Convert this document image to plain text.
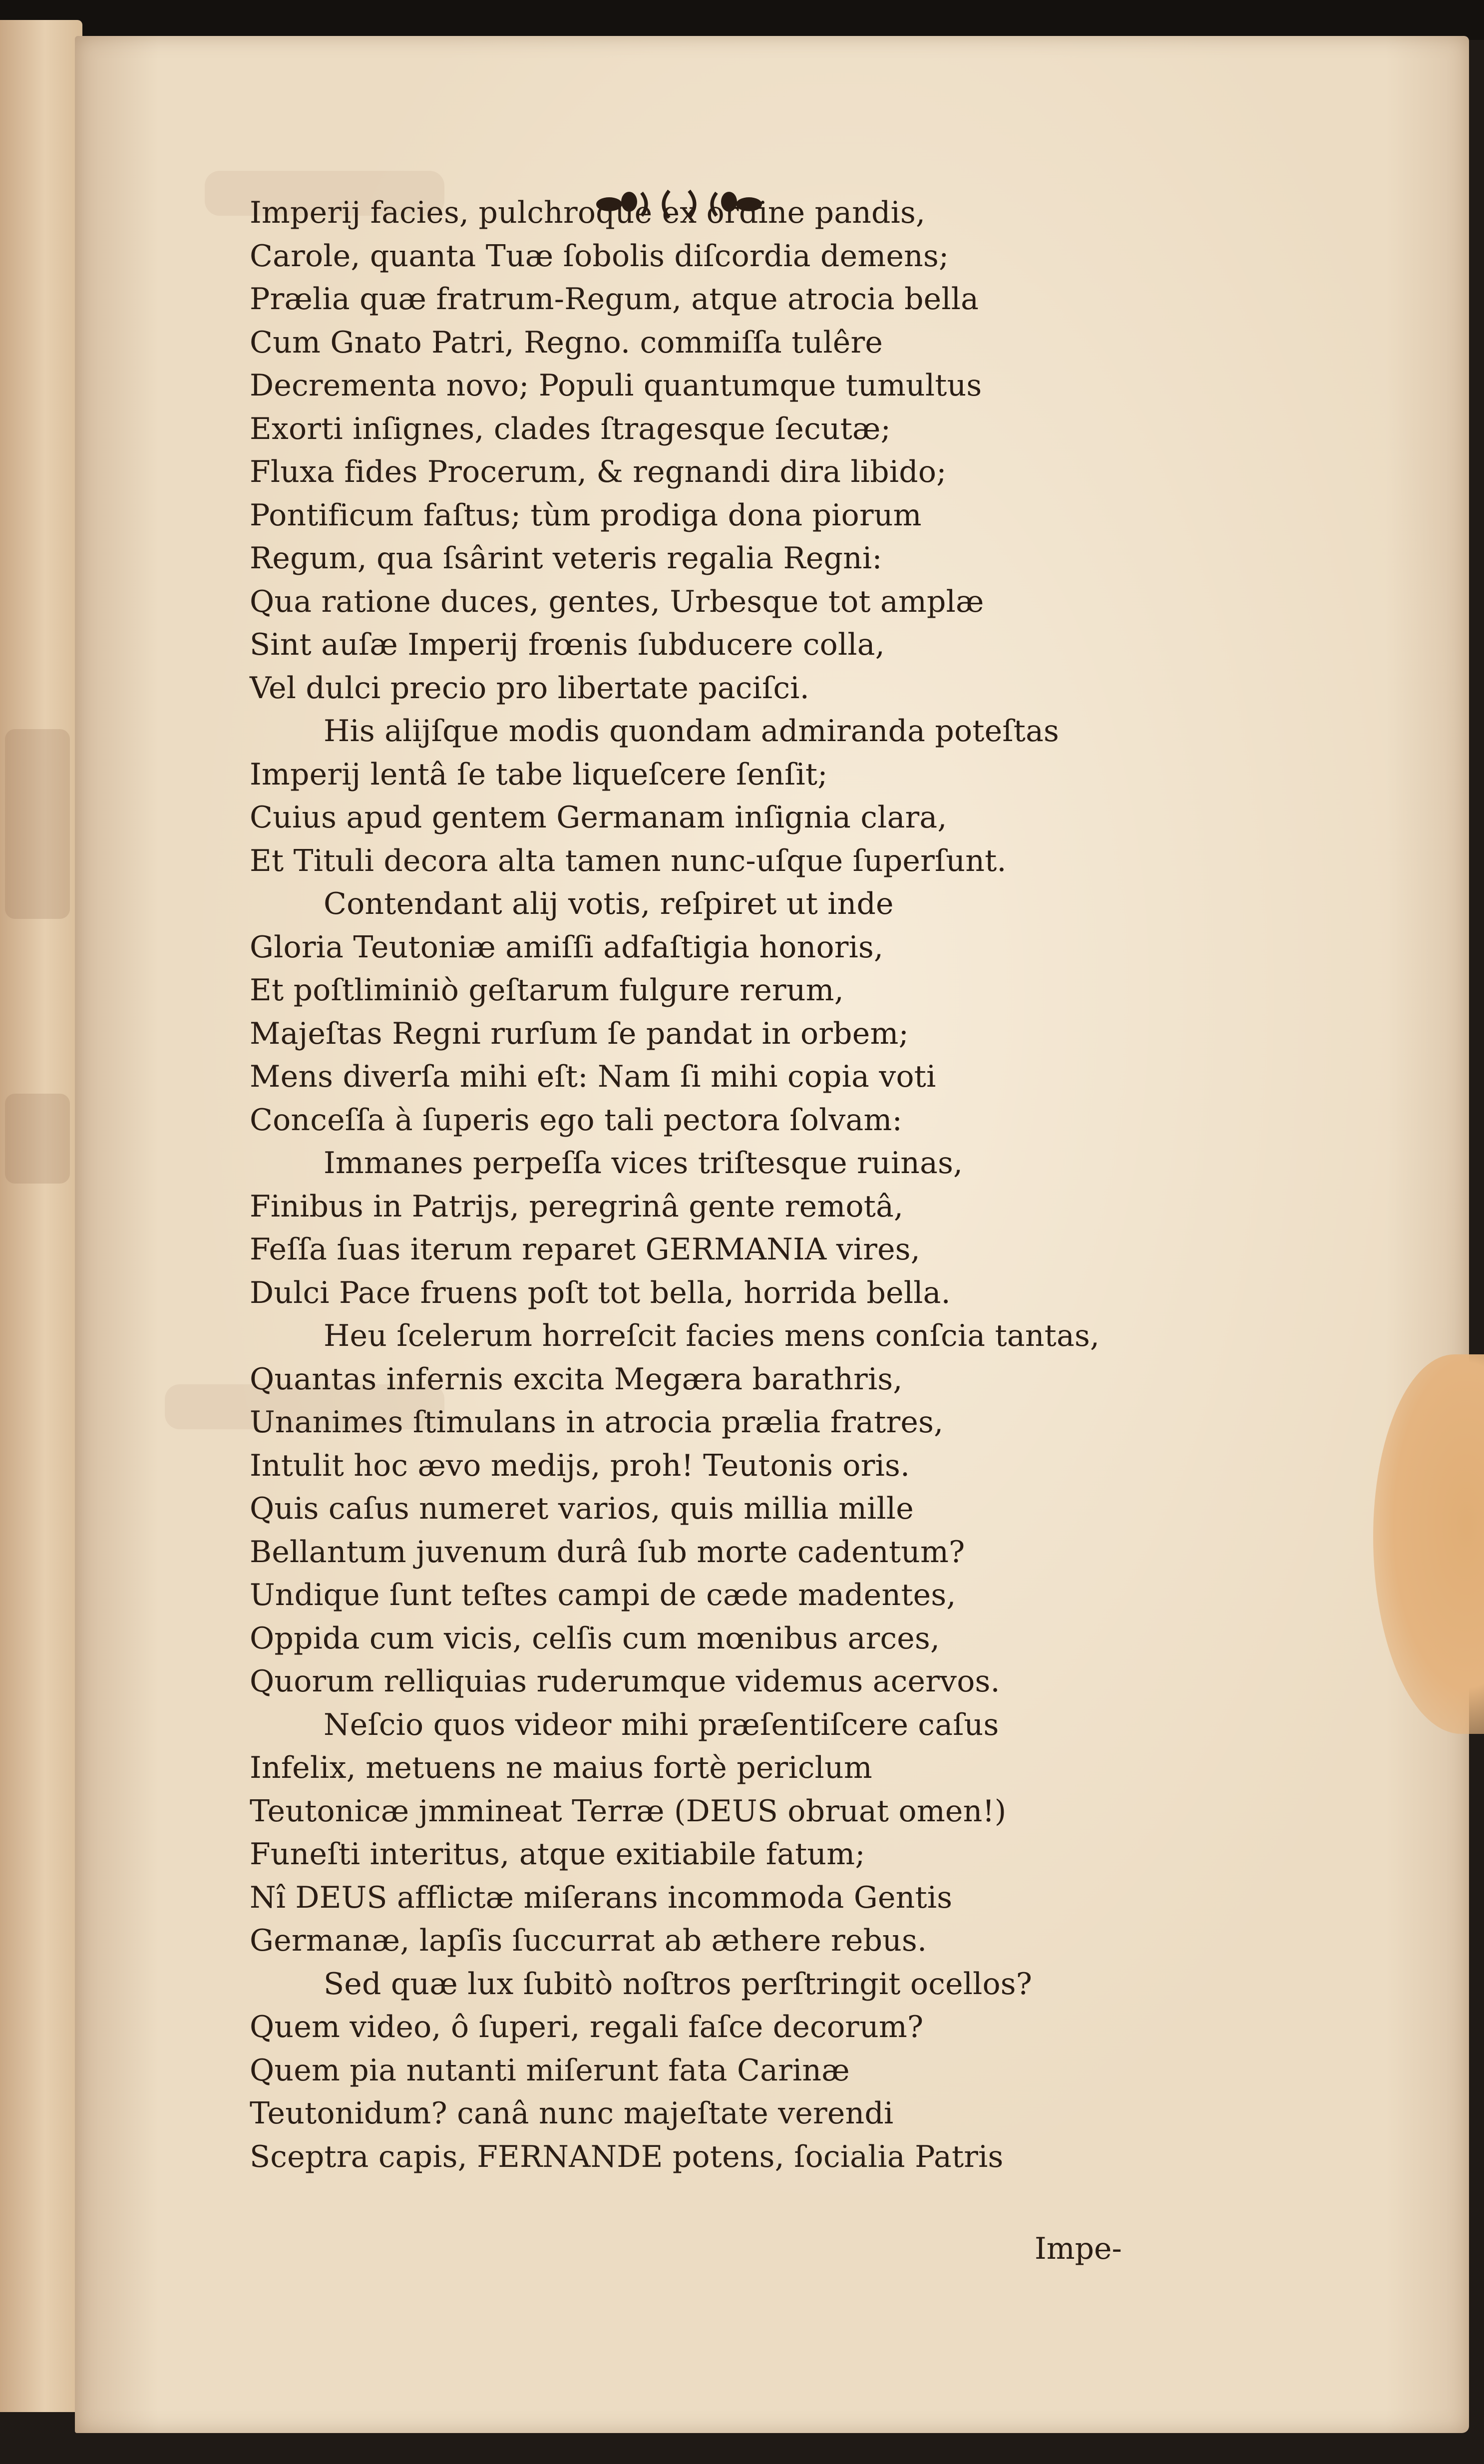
Imperij facies, pulchroque ex ordine pandis,
Carole, quanta Tuæ ſobolis diſcordia demens;
Prælia quæ fratrum-Regum, atque atrocia bella
Cum Gnato Patri, Regno. commiſſa tulêre
Decrementa novo; Populi quantumque tumultus
Exorti inſignes, clades ſtragesque ſecutæ;
Fluxa fides Procerum, & regnandi dira libido;
Pontificum faſtus; tùm prodiga dona piorum
Regum, qua ſsârint veteris regalia Regni:
Qua ratione duces, gentes, Urbesque tot amplæ
Sint auſæ Imperij frœnis ſubducere colla,
Vel dulci precio pro libertate paciſci.
His alijſque modis quondam admiranda poteſtas
Imperij lentâ ſe tabe liqueſcere ſenſit;
Cuius apud gentem Germanam inſignia clara,
Et Tituli decora alta tamen nunc-uſque ſuperſunt.
Contendant alij votis, reſpiret ut inde
Gloria Teutoniæ amiſſi adfaſtigia honoris,
Et poſtliminiò geſtarum fulgure rerum,
Majeſtas Regni rurſum ſe pandat in orbem;
Mens diverſa mihi eſt: Nam ſi mihi copia voti
Conceſſa à ſuperis ego tali pectora ſolvam:
Immanes perpeſſa vices triſtesque ruinas,
Finibus in Patrijs, peregrinâ gente remotâ,
Feſſa ſuas iterum reparet GERMANIA vires,
Dulci Pace fruens poſt tot bella, horrida bella.
Heu ſcelerum horreſcit facies mens conſcia tantas,
Quantas infernis excita Megæra barathris,
Unanimes ſtimulans in atrocia prælia fratres,
Intulit hoc ævo medijs, proh! Teutonis oris.
Quis caſus numeret varios, quis millia mille
Bellantum juvenum durâ ſub morte cadentum?
Undique ſunt teſtes campi de cæde madentes,
Oppida cum vicis, celſis cum mœnibus arces,
Quorum relliquias ruderumque videmus acervos.
Neſcio quos videor mihi præſentiſcere caſus
Infelix, metuens ne maius fortè periclum
Teutonicæ jmmineat Terræ (DEUS obruat omen!)
Funeſti interitus, atque exitiabile fatum;
Nî DEUS afflictæ miſerans incommoda Gentis
Germanæ, lapſis ſuccurrat ab æthere rebus.
Sed quæ lux ſubitò noſtros perſtringit ocellos?
Quem video, ô ſuperi, regali faſce decorum?
Quem pia nutanti miſerunt fata Carinæ
Teutonidum? canâ nunc majeſtate verendi
Sceptra capis, FERNANDE potens, ſocialia Patris
Impe-
